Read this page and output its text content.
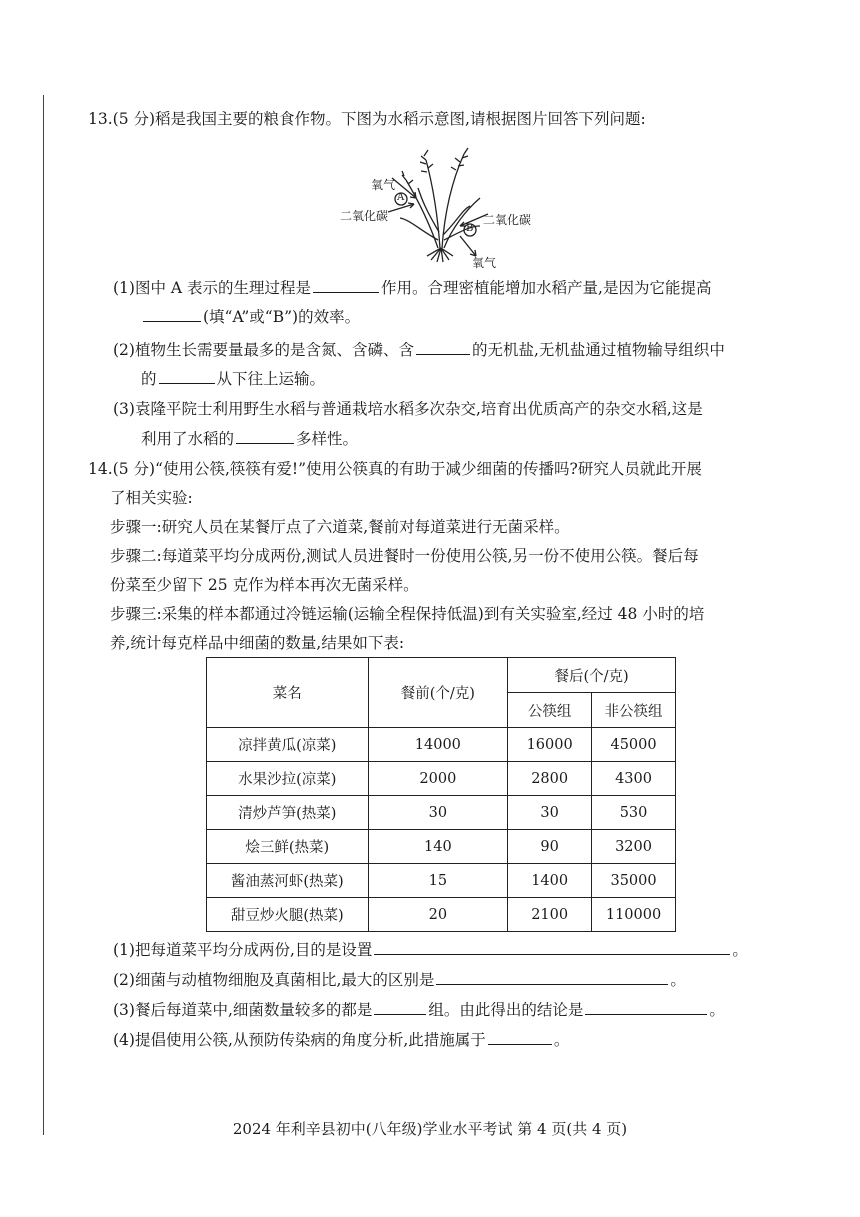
13.(5 分)稻是我国主要的粮食作物。下图为水稻示意图,请根据图片回答下列问题:
氧气
二氧化碳
A
B
二氧化碳
氧气
(1)图中 A 表示的生理过程是	作用。合理密植能增加水稻产量,是因为它能提高
(填“A”或“B”)的效率。
(2)植物生长需要量最多的是含氮、含磷、含	的无机盐,无机盐通过植物输导组织中
的	从下往上运输。
(3)袁隆平院士利用野生水稻与普通栽培水稻多次杂交,培育出优质高产的杂交水稻,这是
利用了水稻的	多样性。
14.(5 分)“使用公筷,筷筷有爱!”使用公筷真的有助于减少细菌的传播吗?研究人员就此开展
了相关实验:
步骤一:研究人员在某餐厅点了六道菜,餐前对每道菜进行无菌采样。
步骤二:每道菜平均分成两份,测试人员进餐时一份使用公筷,另一份不使用公筷。餐后每
份菜至少留下 25 克作为样本再次无菌采样。
步骤三:采集的样本都通过冷链运输(运输全程保持低温)到有关实验室,经过 48 小时的培
养,统计每克样品中细菌的数量,结果如下表:
菜名	餐前(个/克)	餐后(个/克)	
		公筷组	非公筷组
凉拌黄瓜(凉菜)	14000	16000	45000
水果沙拉(凉菜)	2000	2800	4300
清炒芦笋(热菜)	30	30	530
烩三鲜(热菜)	140	90	3200
酱油蒸河虾(热菜)	15	1400	35000
甜豆炒火腿(热菜)	20	2100	110000
(1)把每道菜平均分成两份,目的是设置	。
(2)细菌与动植物细胞及真菌相比,最大的区别是	。
(3)餐后每道菜中,细菌数量较多的都是	组。由此得出的结论是	。
(4)提倡使用公筷,从预防传染病的角度分析,此措施属于	。
2024 年利辛县初中(八年级)学业水平考试 第 4 页(共 4 页)
